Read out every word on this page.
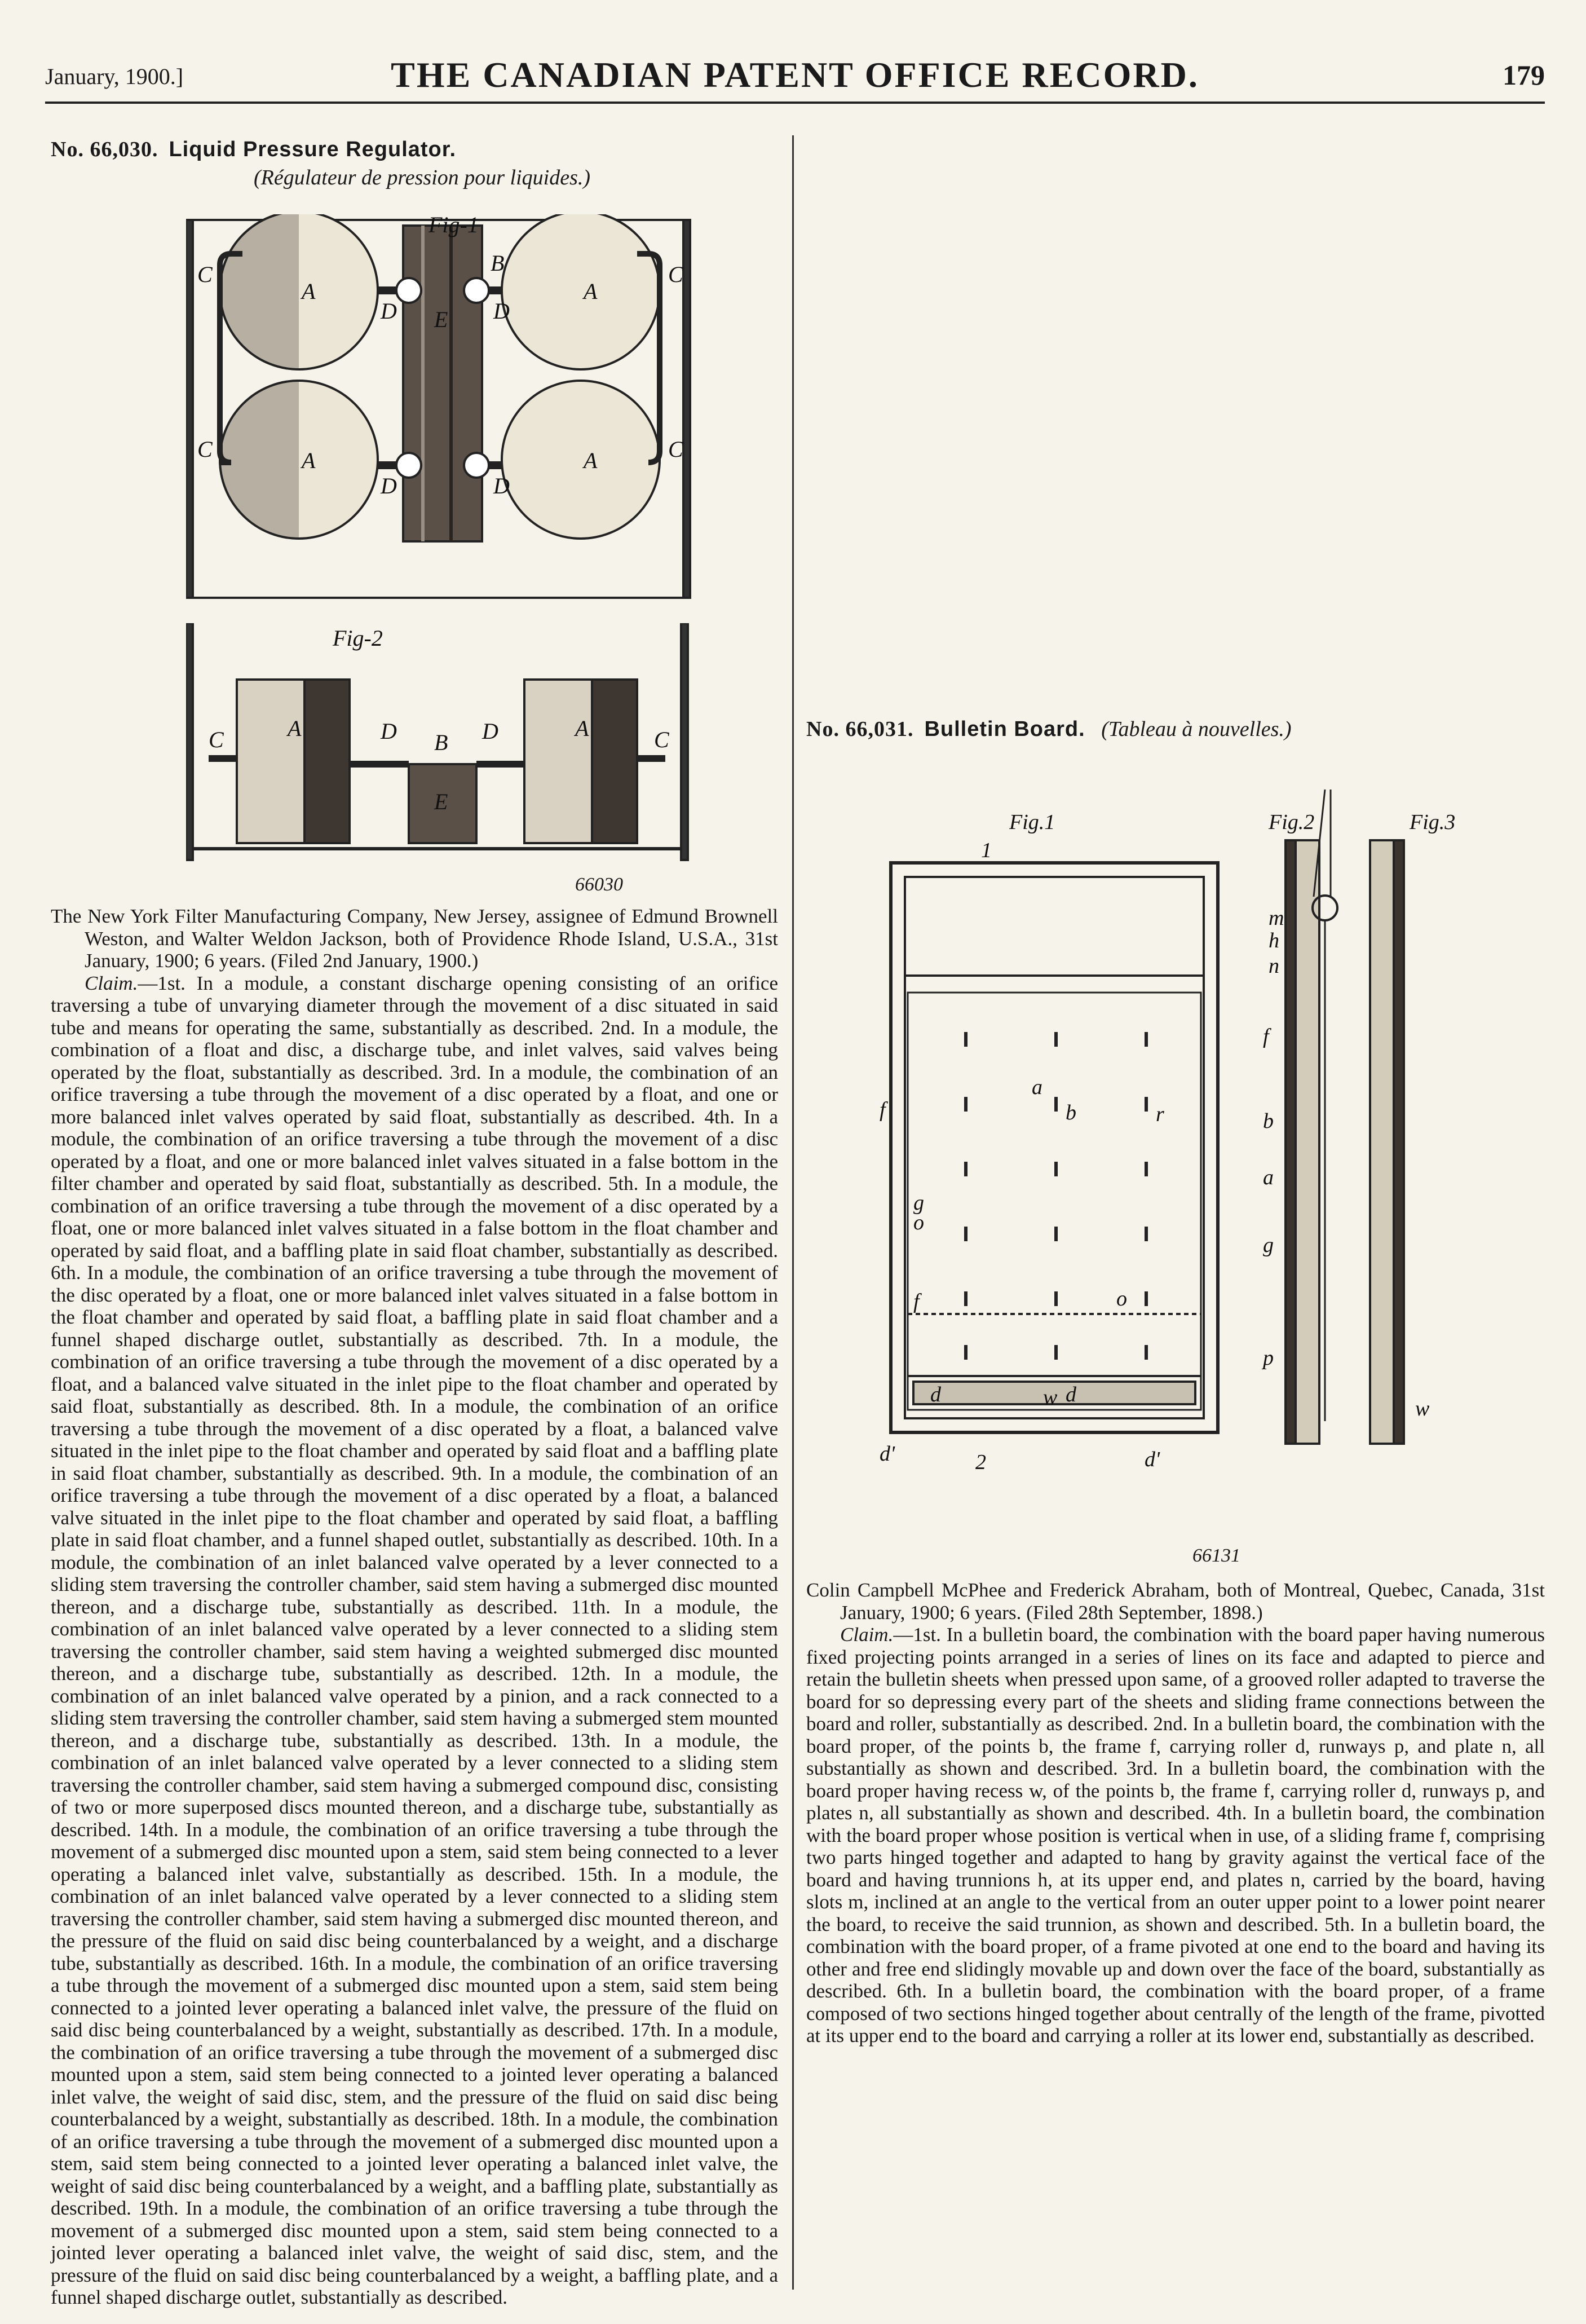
January, 1900.]	THE CANADIAN PATENT OFFICE RECORD.	179
No. 66,030. Liquid Pressure Regulator.
(Régulateur de pression pour liquides.)
Fig-1
A	A
A	A
E
B
D	D
D	D
C	C
C	C
Fig-2
A	A
B
D	D
E
C	C
66030

The New York Filter Manufacturing Company, New Jersey, assignee of Edmund Brownell Weston, and Walter Weldon Jackson, both of Providence Rhode Island, U.S.A., 31st January, 1900; 6 years. (Filed 2nd January, 1900.)

Claim.—1st. In a module, a constant discharge opening consisting of an orifice traversing a tube of unvarying diameter through the movement of a disc situated in said tube and means for operating the same, substantially as described. 2nd. In a module, the combination of a float and disc, a discharge tube, and inlet valves, said valves being operated by the float, substantially as described. 3rd. In a module, the combination of an orifice traversing a tube through the movement of a disc operated by a float, and one or more balanced inlet valves operated by said float, substantially as described. 4th. In a module, the combination of an orifice traversing a tube through the movement of a disc operated by a float, and one or more balanced inlet valves situated in a false bottom in the filter chamber and operated by said float, substantially as described. 5th. In a module, the combination of an orifice traversing a tube through the movement of a disc operated by a float, one or more balanced inlet valves situated in a false bottom in the float chamber and operated by said float, and a baffling plate in said float chamber, substantially as described. 6th. In a module, the combination of an orifice traversing a tube through the movement of the disc operated by a float, one or more balanced inlet valves situated in a false bottom in the float chamber and operated by said float, a baffling plate in said float chamber and a funnel shaped discharge outlet, substantially as described. 7th. In a module, the combination of an orifice traversing a tube through the movement of a disc operated by a float, and a balanced valve situated in the inlet pipe to the float chamber and operated by said float, substantially as described. 8th. In a module, the combination of an orifice traversing a tube through the movement of a disc operated by a float, a balanced valve situated in the inlet pipe to the float chamber and operated by said float and a baffling plate in said float chamber, substantially as described. 9th. In a module, the combination of an orifice traversing a tube through the movement of a disc operated by a float, a balanced valve situated in the inlet pipe to the float chamber and operated by said float, a baffling plate in said float chamber, and a funnel shaped outlet, substantially as described. 10th. In a module, the combination of an inlet balanced valve operated by a lever connected to a sliding stem traversing the controller chamber, said stem having a submerged disc mounted thereon, and a discharge tube, substantially as described. 11th. In a module, the combination of an inlet balanced valve operated by a lever connected to a sliding stem traversing the controller chamber, said stem having a weighted submerged disc mounted thereon, and a discharge tube, substantially as described. 12th. In a module, the combination of an inlet balanced valve operated by a pinion, and a rack connected to a sliding stem traversing the controller chamber, said stem having a submerged stem mounted thereon, and a discharge tube, substantially as described. 13th. In a module, the combination of an inlet balanced valve operated by a lever connected to a sliding stem traversing the controller chamber, said stem having a submerged compound disc, consisting of two or more superposed discs mounted thereon, and a discharge tube, substantially as described. 14th. In a module, the combination of an orifice traversing a tube through the movement of a submerged disc mounted upon a stem, said stem being connected to a lever operating a balanced inlet valve, substantially as described. 15th. In a module, the combination of an inlet balanced valve operated by a lever connected to a sliding stem traversing the controller chamber, said stem having a submerged disc mounted thereon, and the pressure of the fluid on said disc being counterbalanced by a weight, and a discharge tube, substantially as described. 16th. In a module, the combination of an orifice traversing a tube through the movement of a submerged disc mounted upon a stem, said stem being connected to a jointed lever operating a balanced inlet valve, the pressure of the fluid on said disc being counterbalanced by a weight, substantially as described. 17th. In a module, the combination of an orifice traversing a tube through the movement of a submerged disc mounted upon a stem, said stem being connected to a jointed lever operating a balanced inlet valve, the weight of said disc, stem, and the pressure of the fluid on said disc being counterbalanced by a weight, substantially as described. 18th. In a module, the combination of an orifice traversing a tube through the movement of a submerged disc mounted upon a stem, said stem being connected to a jointed lever operating a balanced inlet valve, the weight of said disc being counterbalanced by a weight, and a baffling plate, substantially as described. 19th. In a module, the combination of an orifice traversing a tube through the movement of a submerged disc mounted upon a stem, said stem being connected to a jointed lever operating a balanced inlet valve, the weight of said disc, stem, and the pressure of the fluid on said disc being counterbalanced by a weight, a baffling plate, and a funnel shaped discharge outlet, substantially as described.

No. 66,031. Bulletin Board. (Tableau à nouvelles.)
Fig.1	Fig.2	Fig.3
a
b
f
f
g
o
r
o
w
d	d
d'	d'
2
1
m
h
n
f
b
a
g
p
w
66131

Colin Campbell McPhee and Frederick Abraham, both of Montreal, Quebec, Canada, 31st January, 1900; 6 years. (Filed 28th September, 1898.)

Claim.—1st. In a bulletin board, the combination with the board paper having numerous fixed projecting points arranged in a series of lines on its face and adapted to pierce and retain the bulletin sheets when pressed upon same, of a grooved roller adapted to traverse the board for so depressing every part of the sheets and sliding frame connections between the board and roller, substantially as described. 2nd. In a bulletin board, the combination with the board proper, of the points b, the frame f, carrying roller d, runways p, and plate n, all substantially as shown and described. 3rd. In a bulletin board, the combination with the board proper having recess w, of the points b, the frame f, carrying roller d, runways p, and plates n, all substantially as shown and described. 4th. In a bulletin board, the combination with the board proper whose position is vertical when in use, of a sliding frame f, comprising two parts hinged together and adapted to hang by gravity against the vertical face of the board and having trunnions h, at its upper end, and plates n, carried by the board, having slots m, inclined at an angle to the vertical from an outer upper point to a lower point nearer the board, to receive the said trunnion, as shown and described. 5th. In a bulletin board, the combination with the board proper, of a frame pivoted at one end to the board and having its other and free end slidingly movable up and down over the face of the board, substantially as described. 6th. In a bulletin board, the combination with the board proper, of a frame composed of two sections hinged together about centrally of the length of the frame, pivotted at its upper end to the board and carrying a roller at its lower end, substantially as described.
